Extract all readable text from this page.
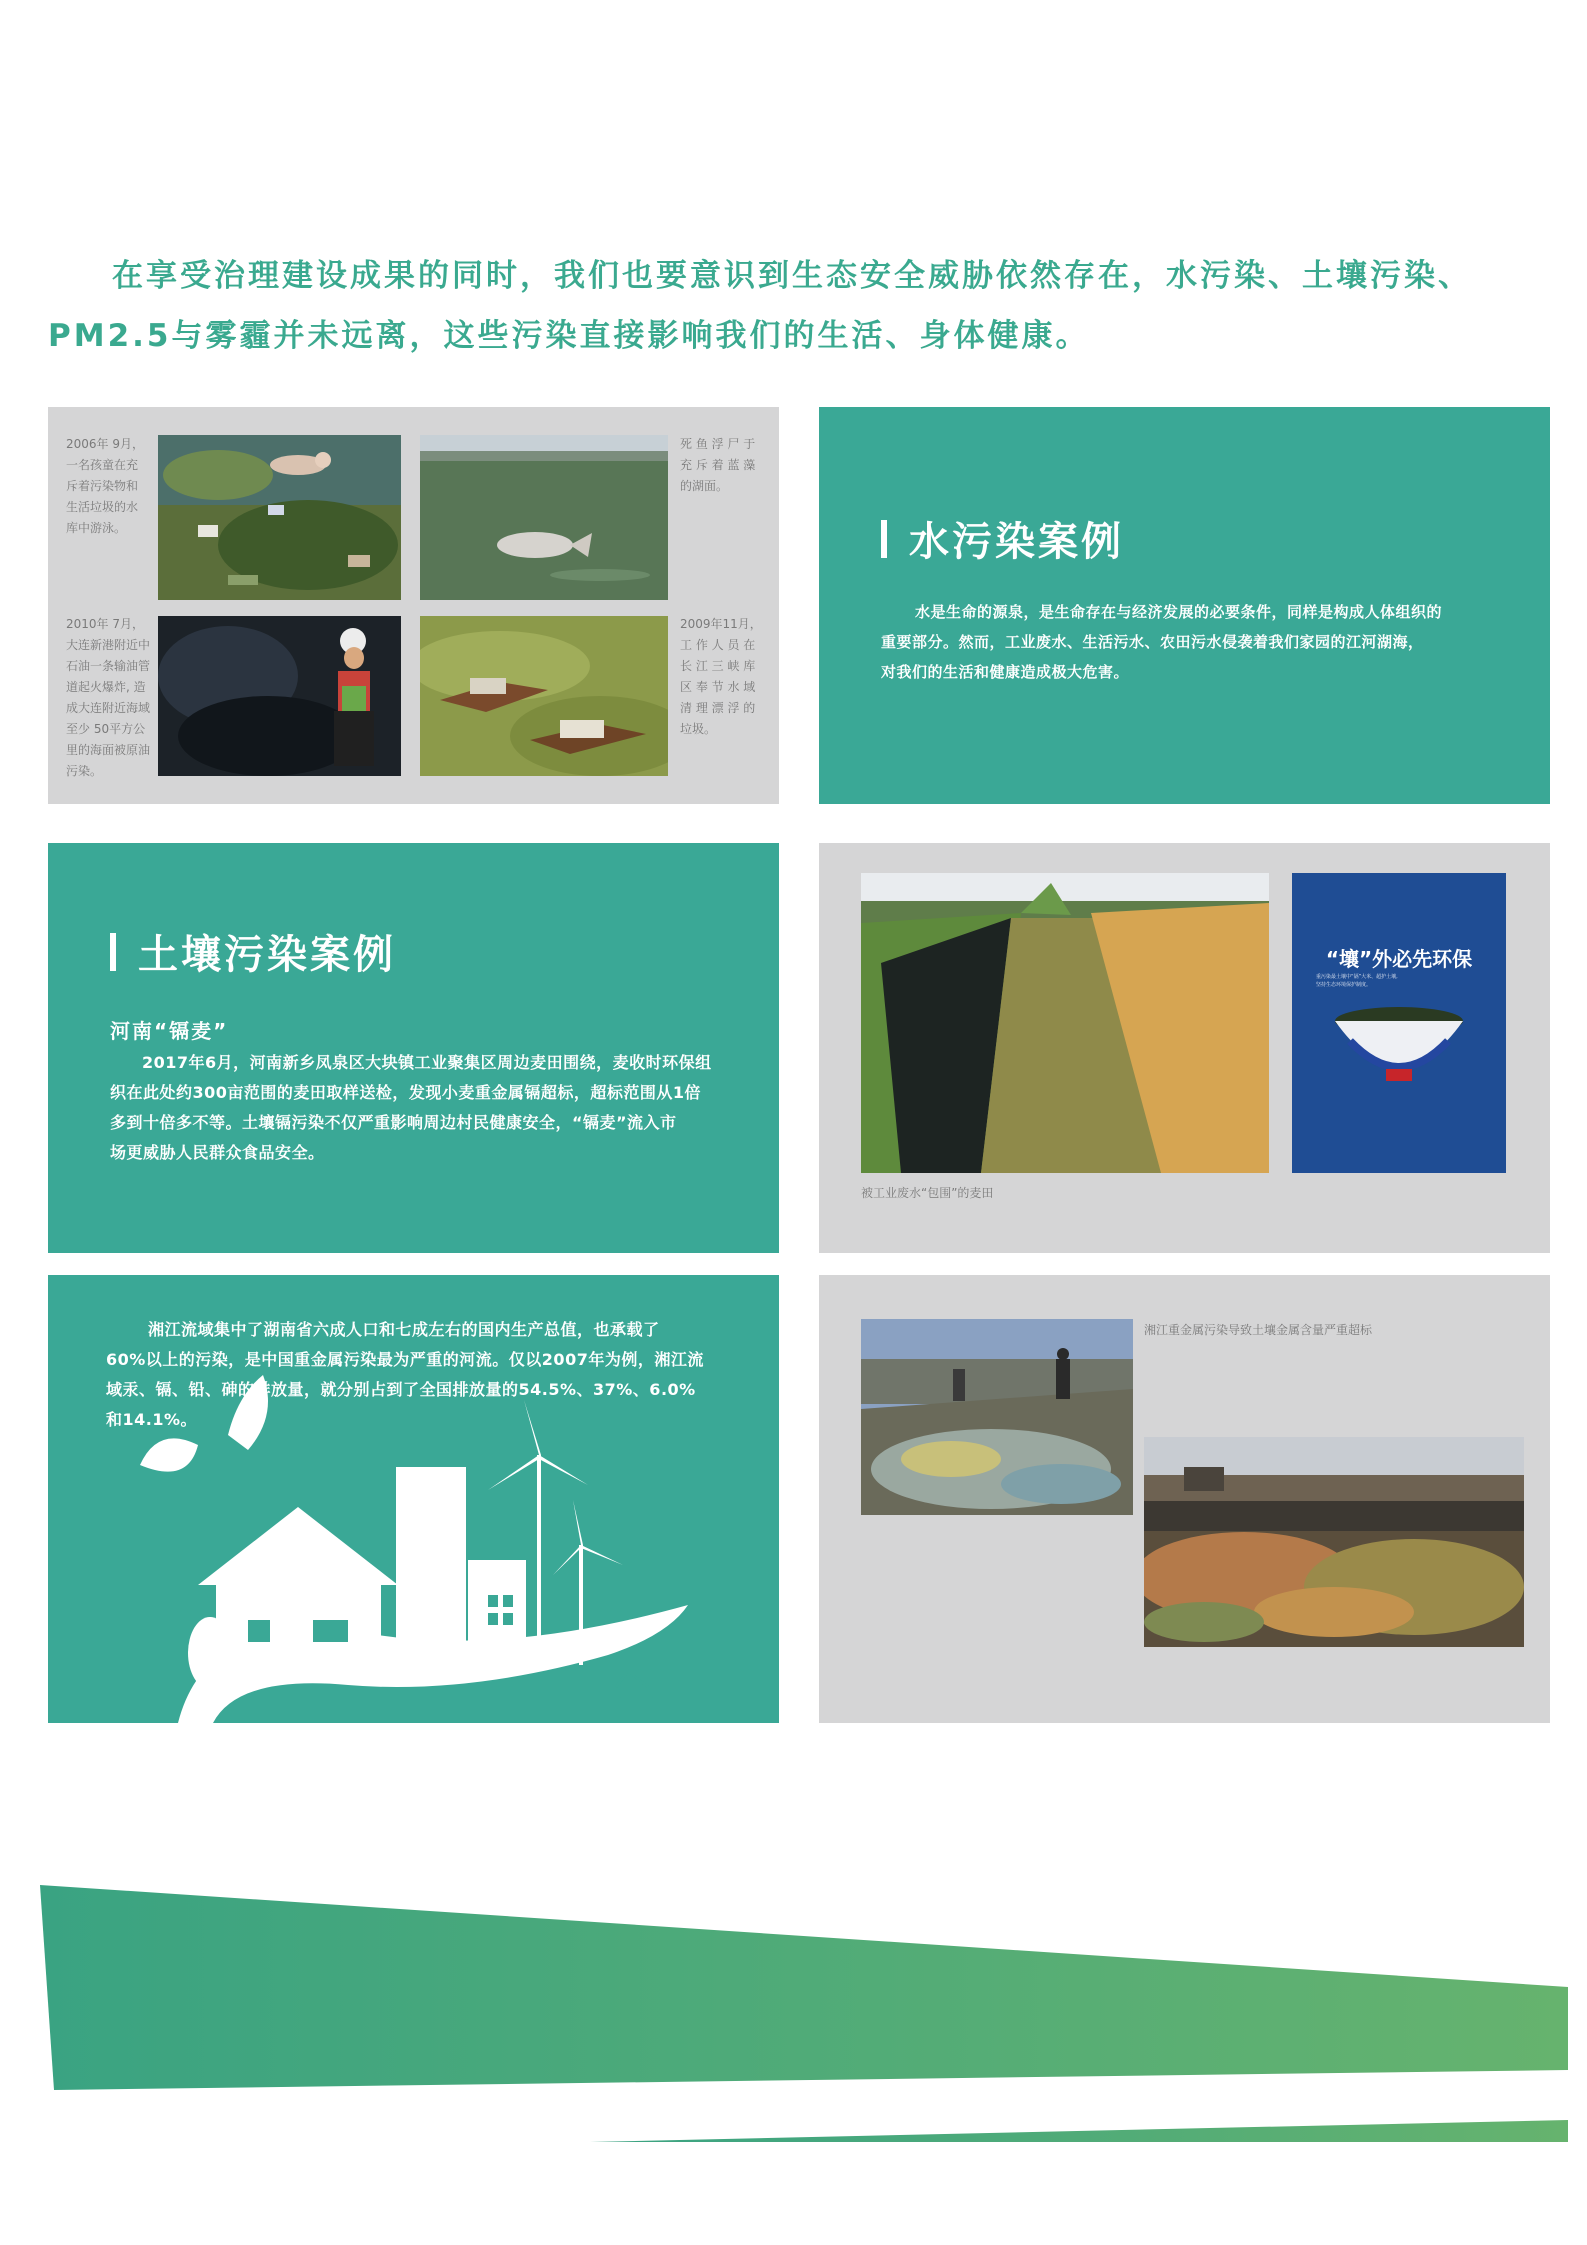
在享受治理建设成果的同时，我们也要意识到生态安全威胁依然存在，水污染、土壤污染、
PM2.5与雾霾并未远离，这些污染直接影响我们的生活、身体健康。
2006年 9月，
一名孩童在充
斥着污染物和
生活垃圾的水
库中游泳。
死 鱼 浮 尸 于
充 斥 着 蓝 藻
的湖面。
2010年 7月，
大连新港附近中
石油一条输油管
道起火爆炸, 造
成大连附近海域
至少 50平方公
里的海面被原油
污染。
2009年11月，
工 作 人 员 在
长 江 三 峡 库
区 奉 节 水 域
清 理 漂 浮 的
垃圾。
水污染案例
水是生命的源泉，是生命存在与经济发展的必要条件，同样是构成人体组织的
重要部分。然而，工业废水、生活污水、农田污水侵袭着我们家园的江河湖海，
对我们的生活和健康造成极大危害。
土壤污染案例
河南“镉麦”
2017年6月，河南新乡凤泉区大块镇工业聚集区周边麦田围绕，麦收时环保组
织在此处约300亩范围的麦田取样送检，发现小麦重金属镉超标，超标范围从1倍
多到十倍多不等。土壤镉污染不仅严重影响周边村民健康安全，“镉麦”流入市
场更威胁人民群众食品安全。
“壤”外必先环保
重污染最土壤中“镉”大米、超护土壤,
坚持生态环境保护制度。
被工业废水“包围”的麦田
湘江流域集中了湖南省六成人口和七成左右的国内生产总值，也承载了
60%以上的污染，是中国重金属污染最为严重的河流。仅以2007年为例，湘江流
域汞、镉、铅、砷的排放量，就分别占到了全国排放量的54.5%、37%、6.0%
和14.1%。
湘江重金属污染导致土壤金属含量严重超标
